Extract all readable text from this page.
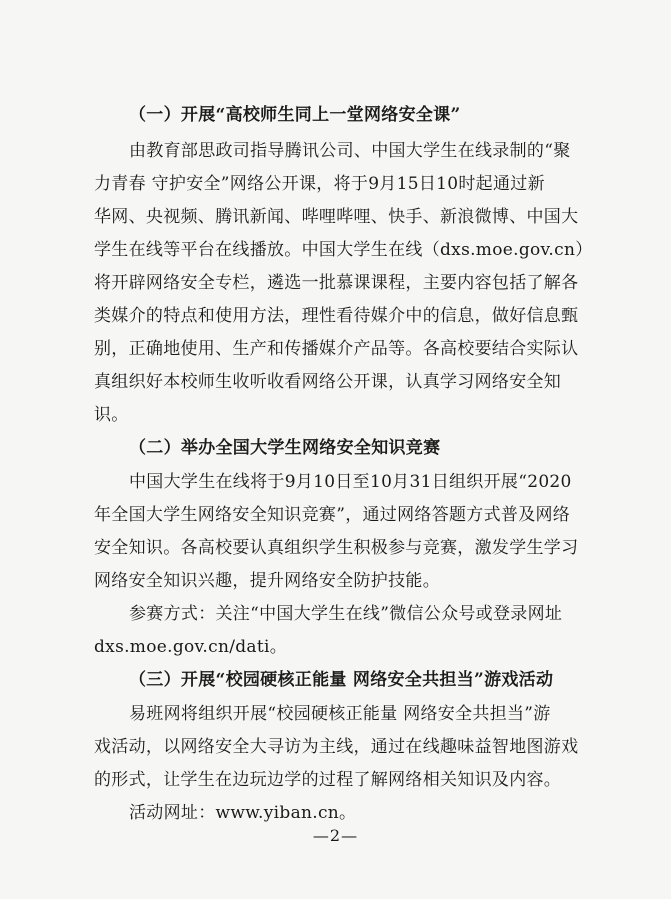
（一）开展“高校师生同上一堂网络安全课”
由教育部思政司指导腾讯公司、中国大学生在线录制的“聚
力青春 守护安全”网络公开课，将于9月15日10时起通过新
华网、央视频、腾讯新闻、哔哩哔哩、快手、新浪微博、中国大
学生在线等平台在线播放。中国大学生在线（dxs.moe.gov.cn）
将开辟网络安全专栏，遴选一批慕课课程，主要内容包括了解各
类媒介的特点和使用方法，理性看待媒介中的信息，做好信息甄
别，正确地使用、生产和传播媒介产品等。各高校要结合实际认
真组织好本校师生收听收看网络公开课，认真学习网络安全知
识。
（二）举办全国大学生网络安全知识竞赛
中国大学生在线将于9月10日至10月31日组织开展“2020
年全国大学生网络安全知识竞赛”，通过网络答题方式普及网络
安全知识。各高校要认真组织学生积极参与竞赛，激发学生学习
网络安全知识兴趣，提升网络安全防护技能。
参赛方式：关注“中国大学生在线”微信公众号或登录网址
dxs.moe.gov.cn/dati。
（三）开展“校园硬核正能量 网络安全共担当”游戏活动
易班网将组织开展“校园硬核正能量 网络安全共担当”游
戏活动，以网络安全大寻访为主线，通过在线趣味益智地图游戏
的形式，让学生在边玩边学的过程了解网络相关知识及内容。
活动网址：www.yiban.cn。
—2—
